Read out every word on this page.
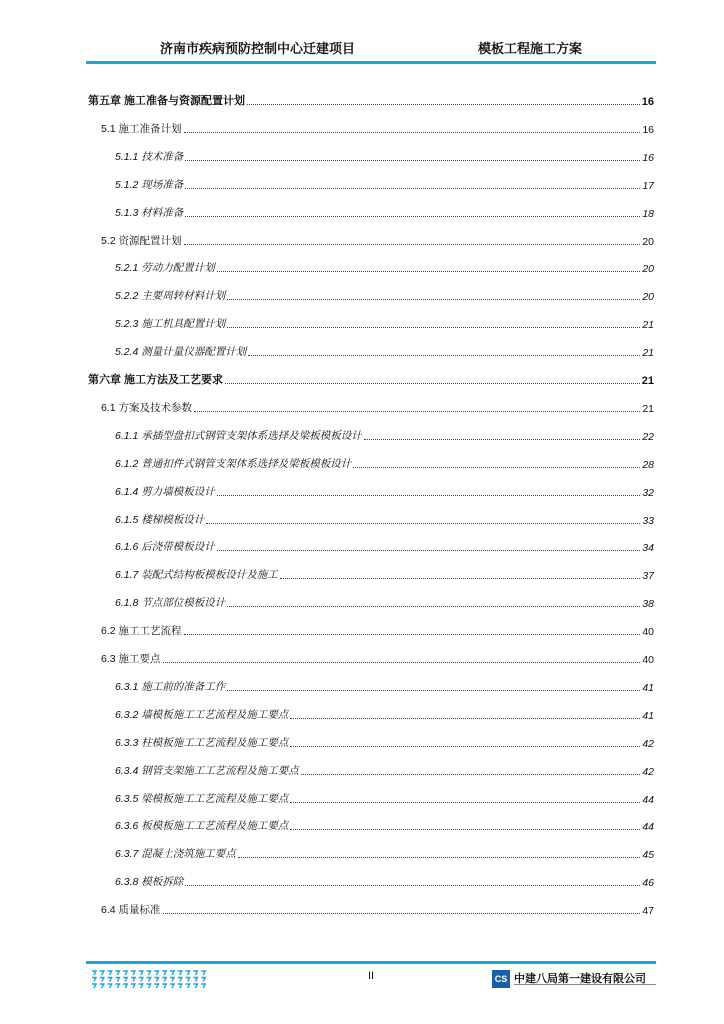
济南市疾病预防控制中心迁建项目	模板工程施工方案
第五章 施工准备与资源配置计划	16
5.1 施工准备计划	16
5.1.1 技术准备	16
5.1.2 现场准备	17
5.1.3 材料准备	18
5.2 资源配置计划	20
5.2.1 劳动力配置计划	20
5.2.2 主要周转材料计划	20
5.2.3 施工机具配置计划	21
5.2.4 测量计量仪器配置计划	21
第六章 施工方法及工艺要求	21
6.1 方案及技术参数	21
6.1.1 承插型盘扣式钢管支架体系选择及梁板模板设计	22
6.1.2 普通扣件式钢管支架体系选择及梁板模板设计	28
6.1.4 剪力墙模板设计	32
6.1.5 楼梯模板设计	33
6.1.6 后浇带模板设计	34
6.1.7 装配式结构板模板设计及施工	37
6.1.8 节点部位模板设计	38
6.2 施工工艺流程	40
6.3 施工要点	40
6.3.1 施工前的准备工作	41
6.3.2 墙模板施工工艺流程及施工要点	41
6.3.3 柱模板施工工艺流程及施工要点	42
6.3.4 钢管支架施工工艺流程及施工要点	42
6.3.5 梁模板施工工艺流程及施工要点	44
6.3.6 板模板施工工艺流程及施工要点	44
6.3.7 混凝土浇筑施工要点	45
6.3.8 模板拆除	46
6.4 质量标准	47
II	CS 中建八局第一建设有限公司
